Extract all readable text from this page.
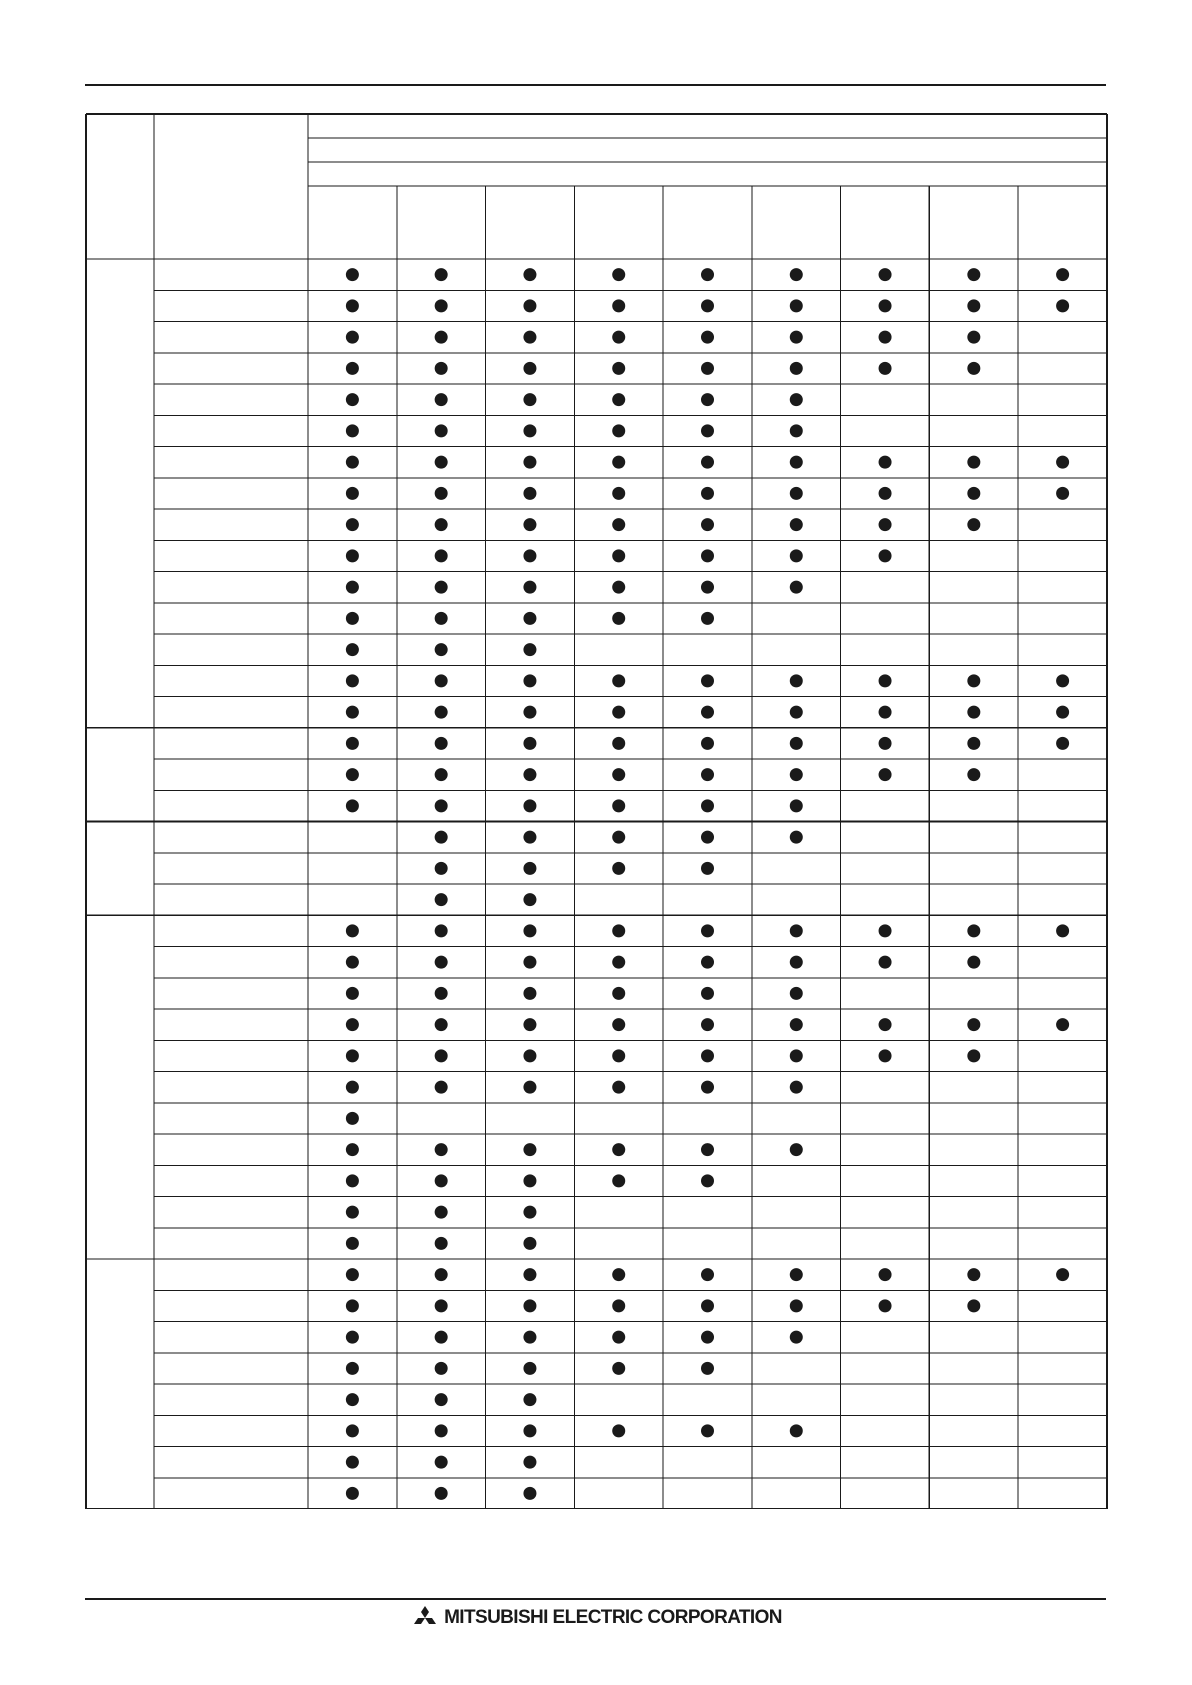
MITSUBISHI ELECTRIC CORPORATION
